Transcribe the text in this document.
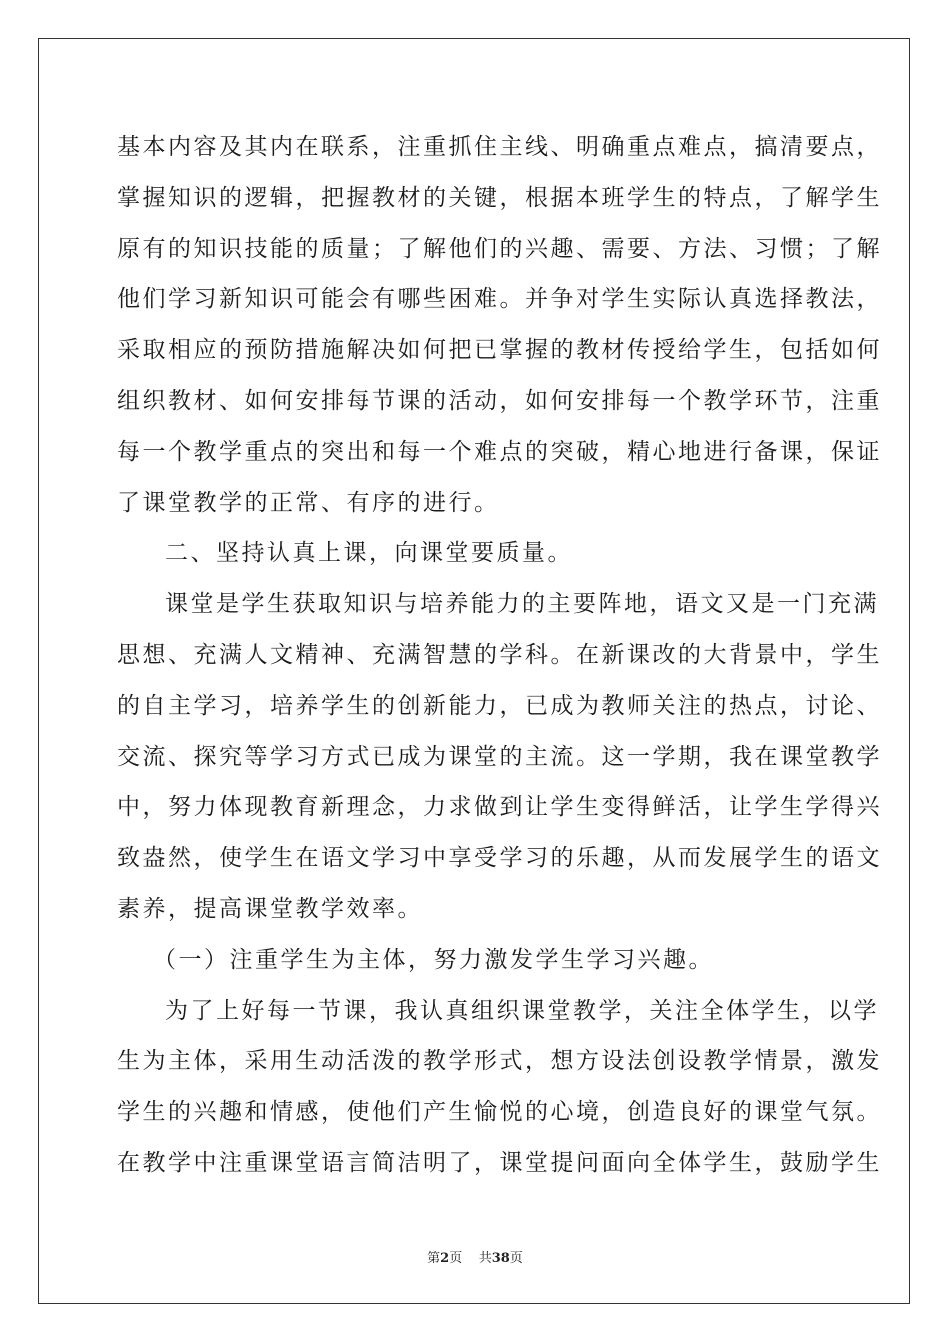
基本内容及其内在联系，注重抓住主线、明确重点难点，搞清要点，
掌握知识的逻辑，把握教材的关键，根据本班学生的特点，了解学生
原有的知识技能的质量；了解他们的兴趣、需要、方法、习惯；了解
他们学习新知识可能会有哪些困难。并争对学生实际认真选择教法，
采取相应的预防措施解决如何把已掌握的教材传授给学生，包括如何
组织教材、如何安排每节课的活动，如何安排每一个教学环节，注重
每一个教学重点的突出和每一个难点的突破，精心地进行备课，保证
了课堂教学的正常、有序的进行。
二、坚持认真上课，向课堂要质量。
课堂是学生获取知识与培养能力的主要阵地，语文又是一门充满
思想、充满人文精神、充满智慧的学科。在新课改的大背景中，学生
的自主学习，培养学生的创新能力，已成为教师关注的热点，讨论、
交流、探究等学习方式已成为课堂的主流。这一学期，我在课堂教学
中，努力体现教育新理念，力求做到让学生变得鲜活，让学生学得兴
致盎然，使学生在语文学习中享受学习的乐趣，从而发展学生的语文
素养，提高课堂教学效率。
（一）注重学生为主体，努力激发学生学习兴趣。
为了上好每一节课，我认真组织课堂教学，关注全体学生，以学
生为主体，采用生动活泼的教学形式，想方设法创设教学情景，激发
学生的兴趣和情感，使他们产生愉悦的心境，创造良好的课堂气氛。
在教学中注重课堂语言简洁明了，课堂提问面向全体学生，鼓励学生
第2页 共38页
